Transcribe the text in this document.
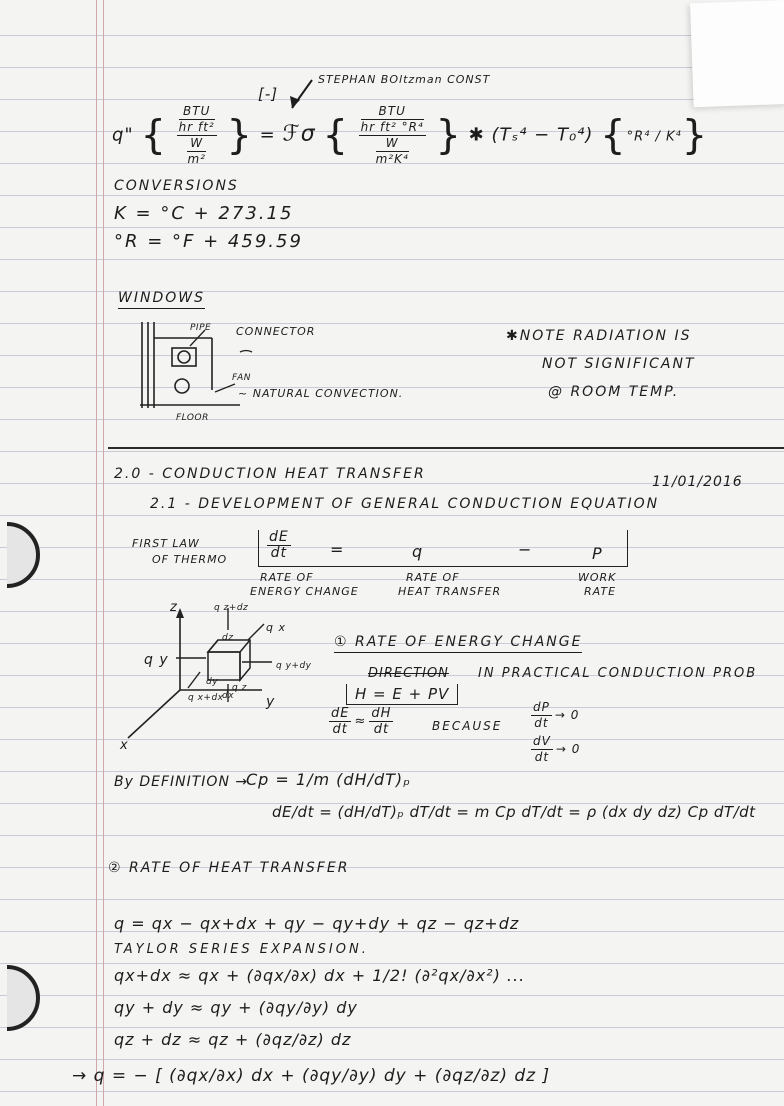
STEPHAN BOltzman CONST
[-]
q" { $\frac{\frac{\text{BTU}}{\text{hr ft²}}}{\frac{W}{\text{m²}}}$ } = ℱσ { $\frac{\frac{\text{BTU}}{\text{hr ft² °R⁴}}}{\frac{W}{\text{m²K⁴}}}$ } ✱ (Tₛ⁴ − T₀⁴) {°R⁴ / K⁴}
CONVERSIONS
K = °C + 273.15
°R = °F + 459.59
WINDOWS
PIPE CONNECTOR
FAN
~ NATURAL CONVECTION.
FLOOR
✱NOTE RADIATION IS
NOT SIGNIFICANT
@ ROOM TEMP.
2.0 - CONDUCTION HEAT TRANSFER	11/01/2016
2.1 - DEVELOPMENT OF GENERAL CONDUCTION EQUATION
FIRST LAW
OF THERMO	$\frac{dE}{dt}$ =	q	−	P
RATE OF
ENERGY CHANGE
RATE OF
HEAT TRANSFER
WORK
RATE
z
y
x
q z+dz
q x
q y	q y+dy
q z
q x+dx
dz
dy
dx
① RATE OF ENERGY CHANGE
DIRECTION IN PRACTICAL CONDUCTION PROB
H = E + PV
$\frac{dE}{dt} \approx \frac{dH}{dt}$	BECAUSE $\frac{dP}{dt} \to 0$
$\frac{dV}{dt} \to 0$
By DEFINITION →
Cp = 1/m (dH/dT)ₚ
dE/dt = (dH/dT)ₚ dT/dt = m Cp dT/dt = ρ (dx dy dz) Cp dT/dt
② RATE OF HEAT TRANSFER
q = qx − qx+dx + qy − qy+dy + qz − qz+dz
TAYLOR SERIES EXPANSION.
qx+dx ≈ qx + (∂qx/∂x) dx + 1/2! (∂²qx/∂x²) ...
qy + dy ≈ qy + (∂qy/∂y) dy
qz + dz ≈ qz + (∂qz/∂z) dz
→ q = − [ (∂qx/∂x) dx + (∂qy/∂y) dy + (∂qz/∂z) dz ]
